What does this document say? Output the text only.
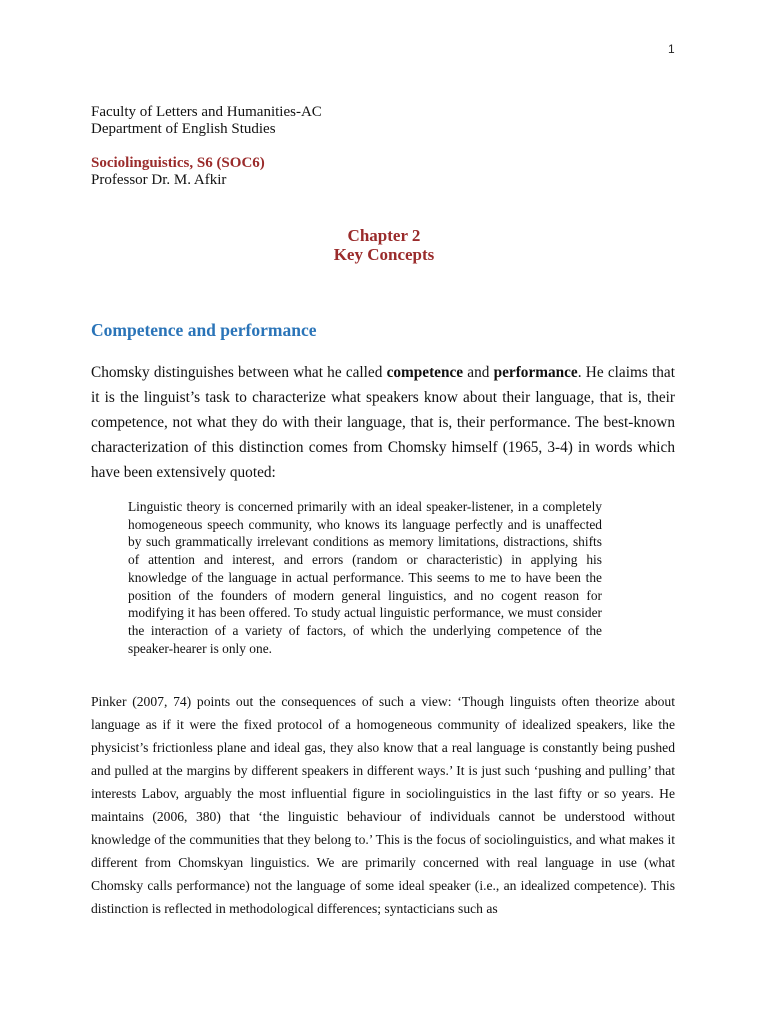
1
Faculty of Letters and Humanities-AC
Department of English Studies
Sociolinguistics, S6 (SOC6)
Professor Dr. M. Afkir
Chapter 2
Key Concepts
Competence and performance

Chomsky distinguishes between what he called competence and performance. He claims that it is the linguist’s task to characterize what speakers know about their language, that is, their competence, not what they do with their language, that is, their performance. The best-known characterization of this distinction comes from Chomsky himself (1965, 3-4) in words which have been extensively quoted:

Linguistic theory is concerned primarily with an ideal speaker-listener, in a completely homogeneous speech community, who knows its language perfectly and is unaffected by such grammatically irrelevant conditions as memory limitations, distractions, shifts of attention and interest, and errors (random or characteristic) in applying his knowledge of the language in actual performance. This seems to me to have been the position of the founders of modern general linguistics, and no cogent reason for modifying it has been offered. To study actual linguistic performance, we must consider the interaction of a variety of factors, of which the underlying competence of the speaker-hearer is only one.

Pinker (2007, 74) points out the consequences of such a view: ‘Though linguists often theorize about language as if it were the fixed protocol of a homogeneous community of idealized speakers, like the physicist’s frictionless plane and ideal gas, they also know that a real language is constantly being pushed and pulled at the margins by different speakers in different ways.’ It is just such ‘pushing and pulling’ that interests Labov, arguably the most influential figure in sociolinguistics in the last fifty or so years. He maintains (2006, 380) that ‘the linguistic behaviour of individuals cannot be understood without knowledge of the communities that they belong to.’ This is the focus of sociolinguistics, and what makes it different from Chomskyan linguistics. We are primarily concerned with real language in use (what Chomsky calls performance) not the language of some ideal speaker (i.e., an idealized competence). This distinction is reflected in methodological differences; syntacticians such as
